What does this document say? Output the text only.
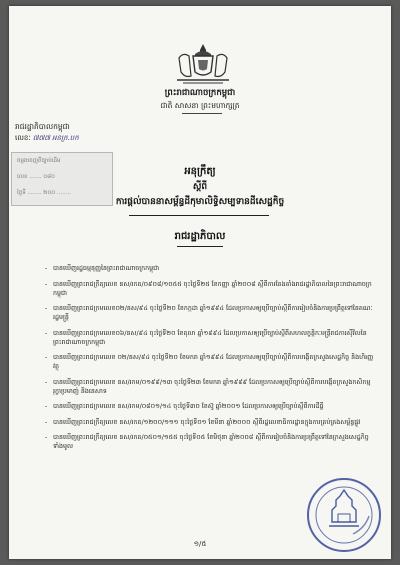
ព្រះរាជាណាចក្រកម្ពុជា
ជាតិ សាសនា ព្រះមហាក្សត្រ
រាជរដ្ឋាភិបាលកម្ពុជា
លេខៈ ៧៧៧ អនក្រ.បក
ចម្លងចេញពីច្បាប់ដើម
លេខ ....... ០៨០
ថ្ងៃទី ........ ២០០ ........
អនុក្រឹត្យ
ស្តីពី
ការផ្តល់បាននាសម្ព័ន្ធដីកុមាលិទ្ធិសម្បទានដីសេដ្ឋកិច្ច
រាជរដ្ឋាភិបាល
- បានឃើញរដ្ឋធម្មនុញ្ញនៃព្រះរាជាណាចក្រកម្ពុជា
- បានឃើញព្រះរាជក្រឹត្យលេខ នស/រកត/០៩០៨/១០៥៥ ចុះថ្ងៃទី២៥ ខែកញ្ញា ឆ្នាំ២០០៨ ស្តីពីការតែងតាំងរាជរដ្ឋាភិបាលនៃព្រះរាជាណាចក្រកម្ពុជា
- បានឃើញព្រះរាជក្រមលេខ០២/នស/៩៤ ចុះថ្ងៃទី២០ ខែកក្កដា ឆ្នាំ១៩៩៤ ដែលប្រកាសឲ្យប្រើច្បាប់ស្តីពីការរៀបចំនិងការប្រព្រឹត្តទៅនៃគណៈរដ្ឋមន្ត្រី
- បានឃើញព្រះរាជក្រមលេខ០៦/នស/៩៤ ចុះថ្ងៃទី២០ ខែតុលា ឆ្នាំ១៩៩៤ ដែលប្រកាសឲ្យប្រើច្បាប់ស្តីពីសហលក្ខន្តិកៈមន្ត្រីរាជការស៊ីវិលនៃព្រះរាជាណាចក្រកម្ពុជា
- បានឃើញព្រះរាជក្រមលេខ ០២/នស/៩៤ ចុះថ្ងៃទី២០ ខែមករា ឆ្នាំ១៩៩៤ ដែលប្រកាសឲ្យប្រើច្បាប់ស្តីពីការបង្កើតក្រសួងសេដ្ឋកិច្ច និងហិរញ្ញវត្ថុ
- បានឃើញព្រះរាជក្រមលេខ នស/រកម/០១៩៩/១៣ ចុះថ្ងៃទី២៣ ខែមករា ឆ្នាំ១៩៩៩ ដែលប្រកាសឲ្យប្រើច្បាប់ស្តីពីការបង្កើតក្រសួងកសិកម្ម រុក្ខាប្រមាញ់ និងនេសាទ
- បានឃើញព្រះរាជក្រមលេខ នស/រកម/០៨០១/១៤ ចុះថ្ងៃទី៣០ ខែស៊ូ ឆ្នាំ២០០១ ដែលប្រកាសឲ្យប្រើច្បាប់ស្តីពីការដីធ្លី
- បានឃើញព្រះរាជក្រឹត្យលេខ នស/រកត/១២០០/១១១ ចុះថ្ងៃទី០១ ខែមីនា ឆ្នាំ២០០០ ស្តីពីរដ្ឋលេខាធិការដ្ឋានក្នុងការគ្រប់គ្រងសម្ព័ន្ធផ្លូវ
- បានឃើញព្រះរាជក្រឹត្យលេខ នស/រកត/០៥០១/១៥៥ ចុះថ្ងៃទី០៥ ខែមិថុនា ឆ្នាំ២០០៨ ស្តីពីការរៀបចំនិងការប្រព្រឹត្តទៅនៃក្រសួងសេដ្ឋកិច្ចទាំងមូល
១/៥
